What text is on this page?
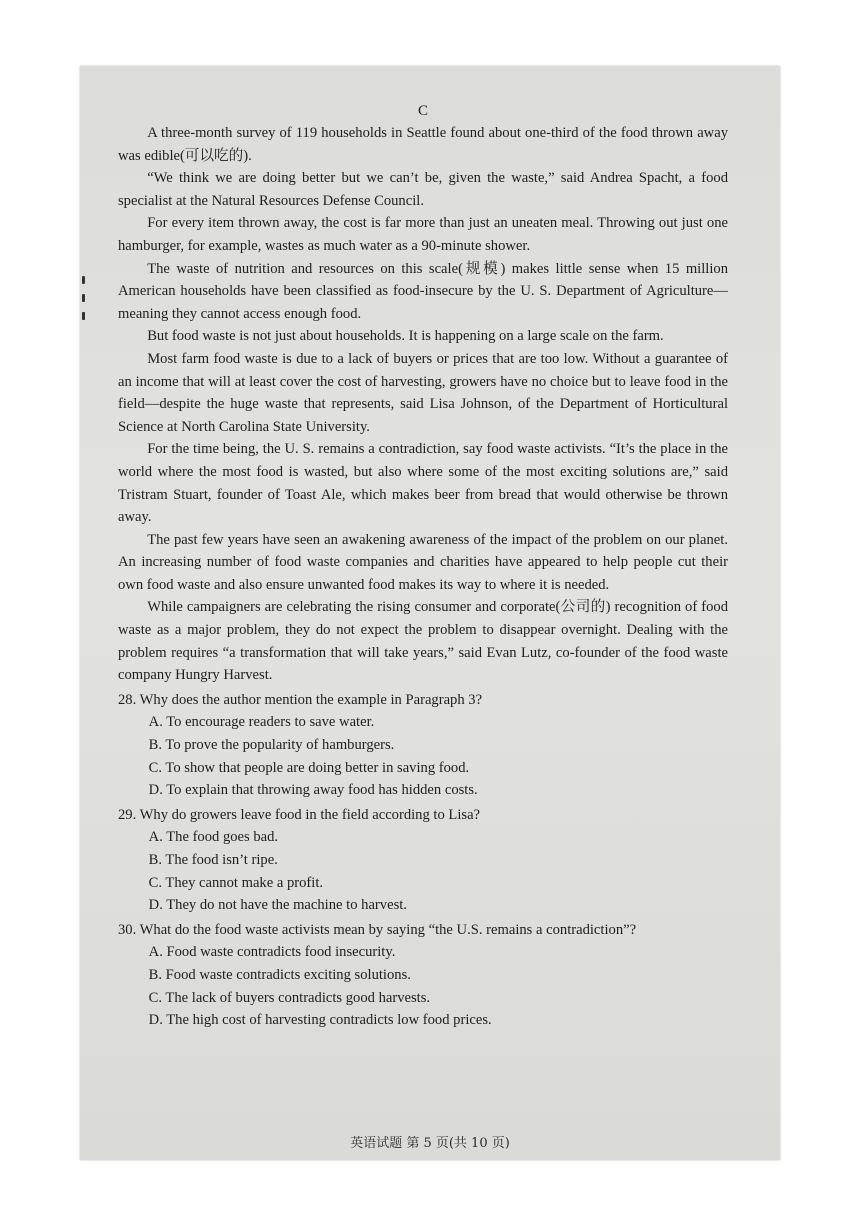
C

A three-month survey of 119 households in Seattle found about one-third of the food thrown away was edible(可以吃的).

“We think we are doing better but we can’t be, given the waste,” said Andrea Spacht, a food specialist at the Natural Resources Defense Council.

For every item thrown away, the cost is far more than just an uneaten meal. Throwing out just one hamburger, for example, wastes as much water as a 90-minute shower.

The waste of nutrition and resources on this scale(规模) makes little sense when 15 million American households have been classified as food-insecure by the U. S. Department of Agriculture—meaning they cannot access enough food.

But food waste is not just about households. It is happening on a large scale on the farm.

Most farm food waste is due to a lack of buyers or prices that are too low. Without a guarantee of an income that will at least cover the cost of harvesting, growers have no choice but to leave food in the field—despite the huge waste that represents, said Lisa Johnson, of the Department of Horticultural Science at North Carolina State University.

For the time being, the U. S. remains a contradiction, say food waste activists. “It’s the place in the world where the most food is wasted, but also where some of the most exciting solutions are,” said Tristram Stuart, founder of Toast Ale, which makes beer from bread that would otherwise be thrown away.

The past few years have seen an awakening awareness of the impact of the problem on our planet. An increasing number of food waste companies and charities have appeared to help people cut their own food waste and also ensure unwanted food makes its way to where it is needed.

While campaigners are celebrating the rising consumer and corporate(公司的) recognition of food waste as a major problem, they do not expect the problem to disappear overnight. Dealing with the problem requires “a transformation that will take years,” said Evan Lutz, co-founder of the food waste company Hungry Harvest.

28. Why does the author mention the example in Paragraph 3?

A. To encourage readers to save water.

B. To prove the popularity of hamburgers.

C. To show that people are doing better in saving food.

D. To explain that throwing away food has hidden costs.

29. Why do growers leave food in the field according to Lisa?

A. The food goes bad.

B. The food isn’t ripe.

C. They cannot make a profit.

D. They do not have the machine to harvest.

30. What do the food waste activists mean by saying “the U.S. remains a contradiction”?

A. Food waste contradicts food insecurity.

B. Food waste contradicts exciting solutions.

C. The lack of buyers contradicts good harvests.

D. The high cost of harvesting contradicts low food prices.

英语试题 第 5 页(共 10 页)
